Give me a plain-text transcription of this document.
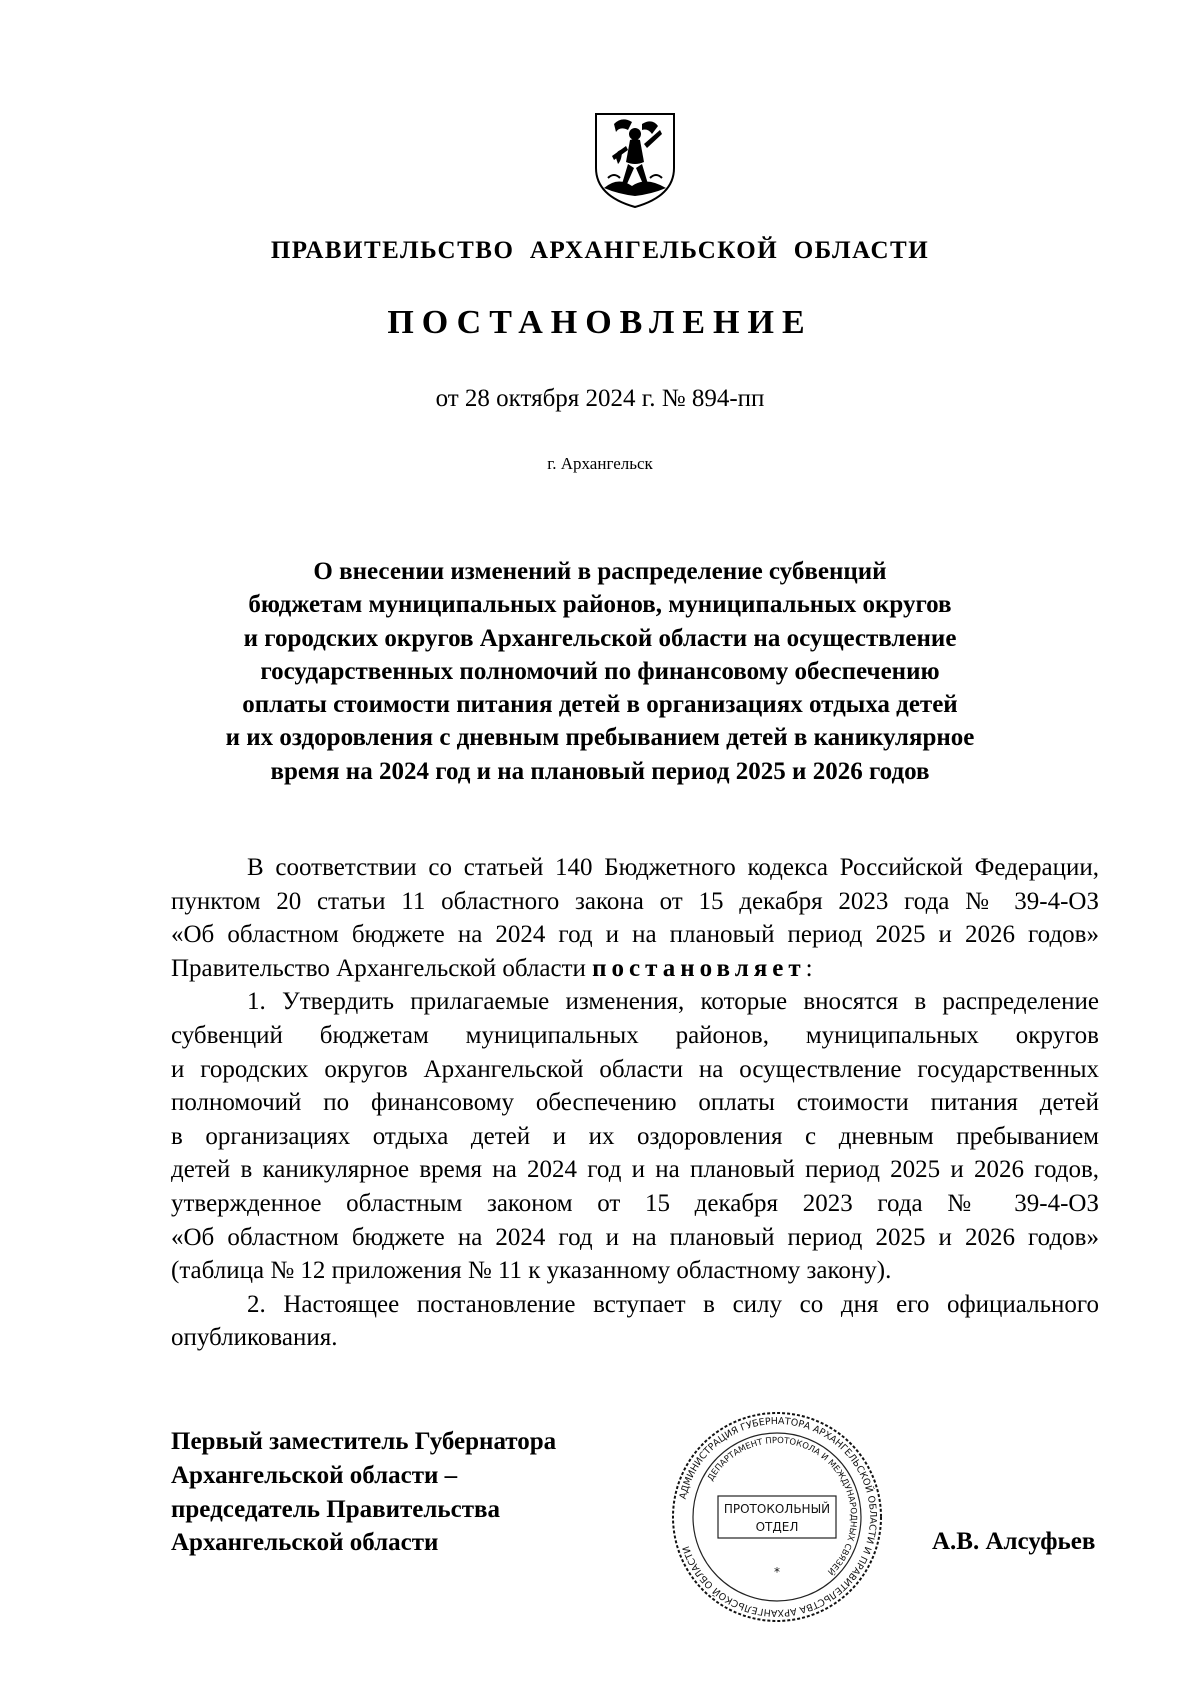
ПРАВИТЕЛЬСТВО  АРХАНГЕЛЬСКОЙ  ОБЛАСТИ
ПОСТАНОВЛЕНИЕ
от 28 октября 2024 г. № 894-пп
г. Архангельск
О внесении изменений в распределение субвенций
бюджетам муниципальных районов, муниципальных округов
и городских округов Архангельской области на осуществление
государственных полномочий по финансовому обеспечению
оплаты стоимости питания детей в организациях отдыха детей
и их оздоровления с дневным пребыванием детей в каникулярное
время на 2024 год и на плановый период 2025 и 2026 годов
В соответствии со статьей 140 Бюджетного кодекса Российской Федерации,
пунктом 20 статьи 11 областного закона от 15 декабря 2023 года № 39-4-ОЗ
«Об областном бюджете на 2024 год и на плановый период 2025 и 2026 годов»
Правительство Архангельской области постановляет:
1. Утвердить прилагаемые изменения, которые вносятся в распределение
субвенций бюджетам муниципальных районов, муниципальных округов
и городских округов Архангельской области на осуществление государственных
полномочий по финансовому обеспечению оплаты стоимости питания детей
в организациях отдыха детей и их оздоровления с дневным пребыванием
детей в каникулярное время на 2024 год и на плановый период 2025 и 2026 годов,
утвержденное областным законом от 15 декабря 2023 года № 39-4-ОЗ
«Об областном бюджете на 2024 год и на плановый период 2025 и 2026 годов»
(таблица № 12 приложения № 11 к указанному областному закону).
2. Настоящее постановление вступает в силу со дня его официального
опубликования.
Первый заместитель Губернатора
Архангельской области –
председатель Правительства
Архангельской области	А.В. Алсуфьев
АДМИНИСТРАЦИЯ ГУБЕРНАТОРА АРХАНГЕЛЬСКОЙ ОБЛАСТИ И ПРАВИТЕЛЬСТВА АРХАНГЕЛЬСКОЙ ОБЛАСТИ
ДЕПАРТАМЕНТ ПРОТОКОЛА И МЕЖДУНАРОДНЫХ СВЯЗЕЙ
ПРОТОКОЛЬНЫЙ
ОТДЕЛ
*
